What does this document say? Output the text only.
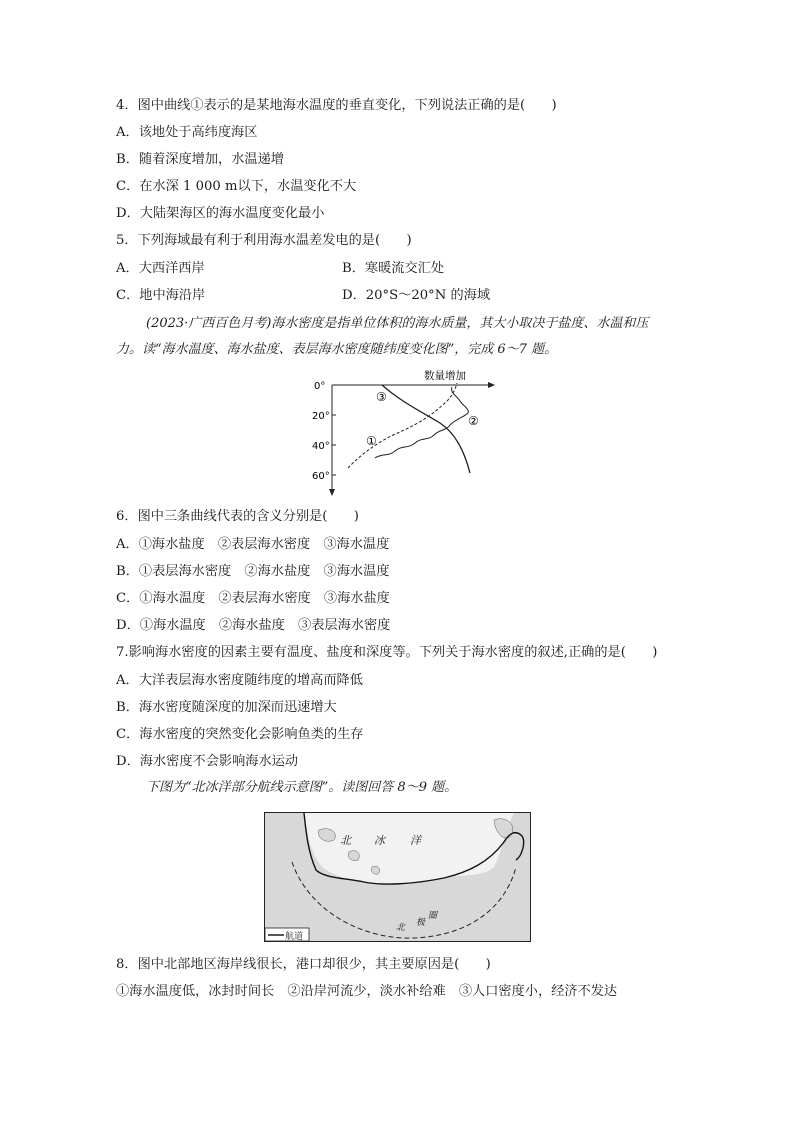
4．图中曲线①表示的是某地海水温度的垂直变化，下列说法正确的是(　　)
A．该地处于高纬度海区
B．随着深度增加，水温递增
C．在水深 1 000 m以下，水温变化不大
D．大陆架海区的海水温度变化最小
5．下列海域最有利于利用海水温差发电的是(　　)
A．大西洋西岸	B．寒暖流交汇处
C．地中海沿岸	D．20°S～20°N 的海域
(2023·广西百色月考)海水密度是指单位体积的海水质量，其大小取决于盐度、水温和压
力。读“海水温度、海水盐度、表层海水密度随纬度变化图”，完成 6～7 题。
0°
20°
40°
60°
数量增加
①
②
③
6．图中三条曲线代表的含义分别是(　　)
A．①海水盐度　②表层海水密度　③海水温度
B．①表层海水密度　②海水盐度　③海水温度
C．①海水温度　②表层海水密度　③海水盐度
D．①海水温度　②海水盐度　③表层海水密度
7.影响海水密度的因素主要有温度、盐度和深度等。下列关于海水密度的叙述,正确的是(　　)
A．大洋表层海水密度随纬度的增高而降低
B．海水密度随深度的加深而迅速增大
C．海水密度的突然变化会影响鱼类的生存
D．海水密度不会影响海水运动
下图为“北冰洋部分航线示意图”。读图回答 8～9 题。
北 冰 洋
北 极
圈
航道
8．图中北部地区海岸线很长，港口却很少，其主要原因是(　　)
①海水温度低，冰封时间长　②沿岸河流少，淡水补给难　③人口密度小，经济不发达
